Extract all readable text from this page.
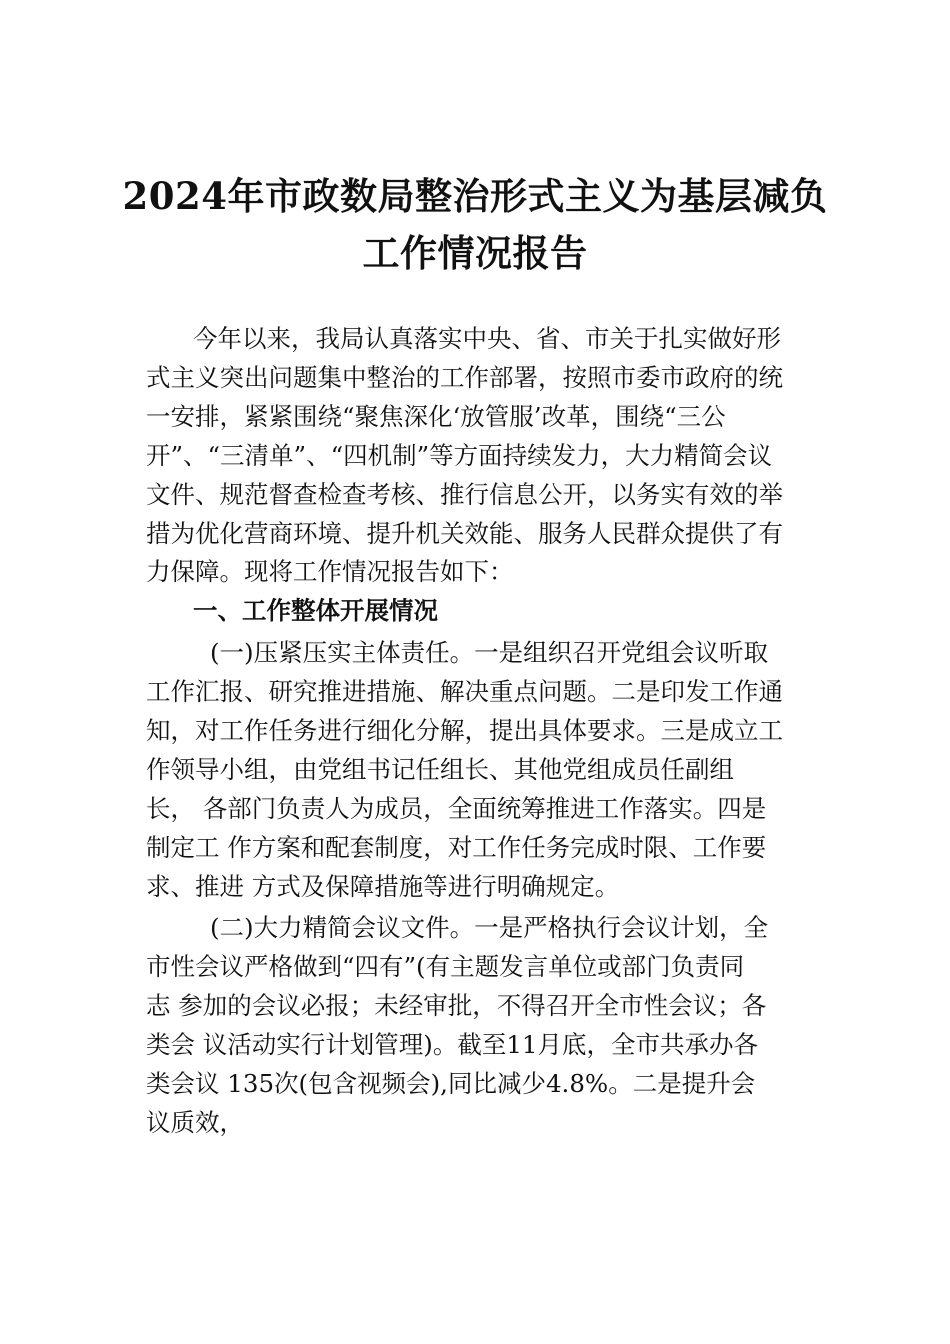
2024年市政数局整治形式主义为基层减负
工作情况报告
今年以来，我局认真落实中央、省、市关于扎实做好形
式主义突出问题集中整治的工作部署，按照市委市政府的统
一安排，紧紧围绕“聚焦深化‘放管服’改革，围绕“三公
开”、“三清单”、“四机制”等方面持续发力，大力精简会议
文件、规范督查检查考核、推行信息公开，以务实有效的举
措为优化营商环境、提升机关效能、服务人民群众提供了有
力保障。现将工作情况报告如下：
一、工作整体开展情况
(一)压紧压实主体责任。一是组织召开党组会议听取
工作汇报、研究推进措施、解决重点问题。二是印发工作通
知，对工作任务进行细化分解，提出具体要求。三是成立工
作领导小组，由党组书记任组长、其他党组成员任副组
长， 各部门负责人为成员，全面统筹推进工作落实。四是
制定工 作方案和配套制度，对工作任务完成时限、工作要
求、推进 方式及保障措施等进行明确规定。
(二)大力精简会议文件。一是严格执行会议计划，全
市性会议严格做到“四有”(有主题发言单位或部门负责同
志 参加的会议必报；未经审批，不得召开全市性会议；各
类会 议活动实行计划管理)。截至11月底，全市共承办各
类会议 135次(包含视频会),同比减少4.8%。二是提升会
议质效，
